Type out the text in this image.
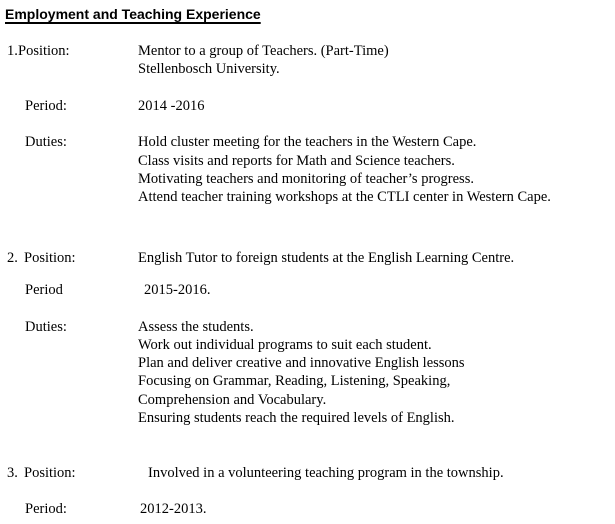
Employment and Teaching Experience
1. Position:	Mentor to a group of Teachers. (Part-Time)
Stellenbosch University.
Period:	2014 -2016
Duties:	Hold cluster meeting for the teachers in the Western Cape.
Class visits and reports for Math and Science teachers.
Motivating teachers and monitoring of teacher’s progress.
Attend teacher training workshops at the CTLI center in Western Cape.
2. Position:	English Tutor to foreign students at the English Learning Centre.
Period	2015-2016.
Duties:	Assess the students.
Work out individual programs to suit each student.
Plan and deliver creative and innovative English lessons
Focusing on Grammar, Reading, Listening, Speaking,
Comprehension and Vocabulary.
Ensuring students reach the required levels of English.
3. Position:	Involved in a volunteering teaching program in the township.
Period:	2012-2013.
